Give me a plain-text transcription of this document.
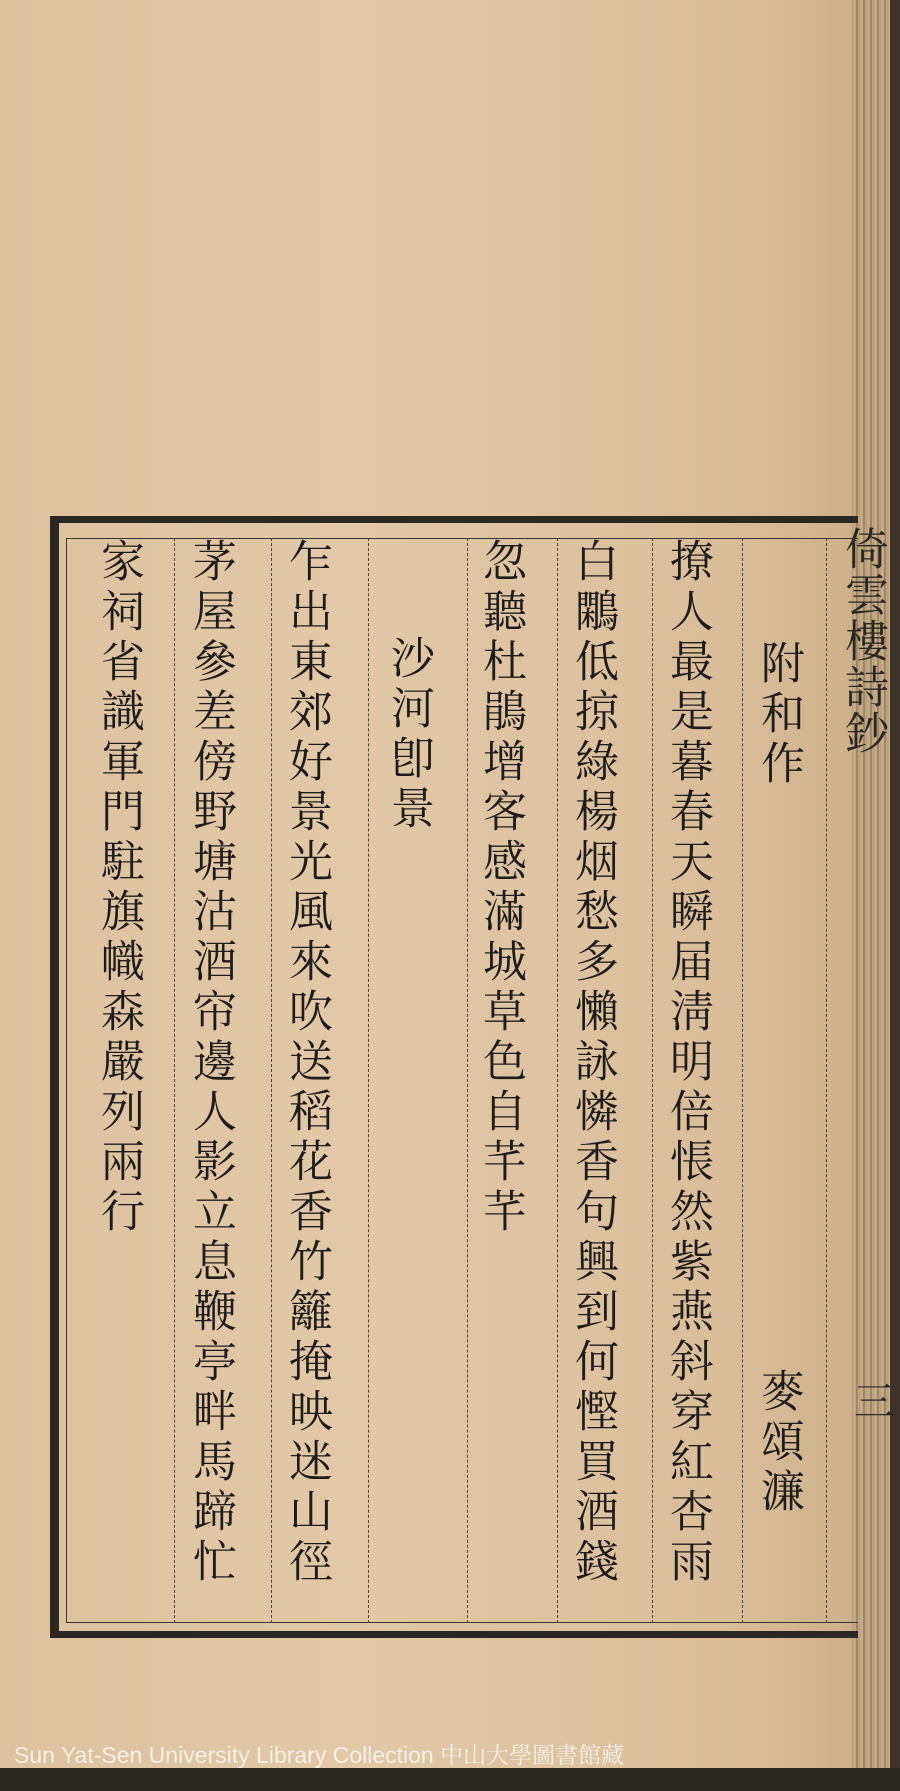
倚雲樓詩鈔
三
附和作
麥頌濂
撩人最是暮春天瞬届淸明倍悵然紫燕斜穿紅杏雨
白鷴低掠綠楊烟愁多懶詠憐香句興到何慳買酒錢
忽聽杜鵑增客感滿城草色自芊芊
沙河卽景
乍出東郊好景光風來吹送稻花香竹籬掩映迷山徑
茅屋參差傍野塘沽酒帘邊人影立息鞭亭畔馬蹄忙
家祠省識軍門駐旗幟森嚴列兩行
Sun Yat-Sen University Library Collection 中山大學圖書館藏
